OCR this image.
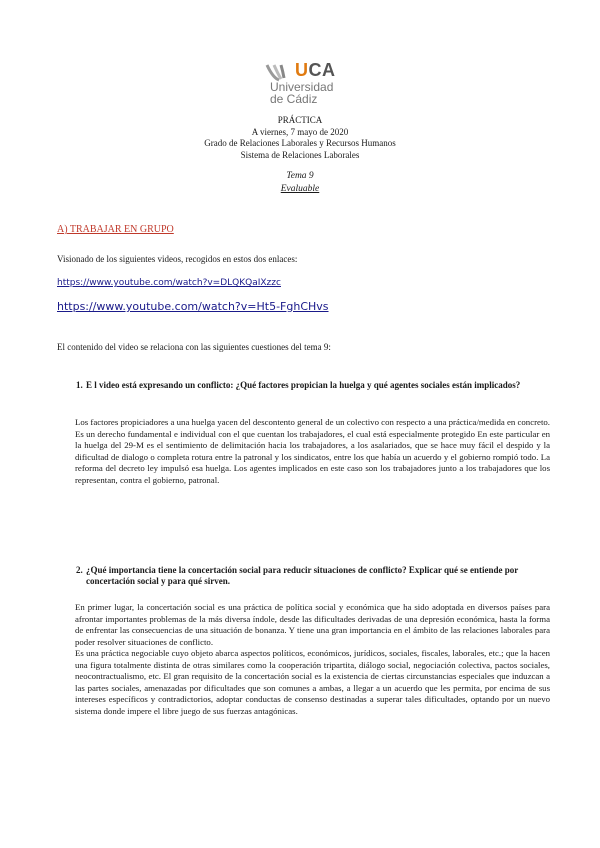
UCA
Universidad
de Cádiz
PRÁCTICA
A viernes, 7 mayo de 2020
Grado de Relaciones Laborales y Recursos Humanos
Sistema de Relaciones Laborales
Tema 9
Evaluable
A) TRABAJAR EN GRUPO
Visionado de los siguientes videos, recogidos en estos dos enlaces:
https://www.youtube.com/watch?v=DLQKQaIXzzc
https://www.youtube.com/watch?v=Ht5-FghCHvs
El contenido del video se relaciona con las siguientes cuestiones del tema 9:
1. E l video está expresando un conflicto: ¿Qué factores propician la huelga y qué agentes sociales están implicados?

Los factores propiciadores a una huelga yacen del descontento general de un colectivo con respecto a una práctica/medida en concreto. Es un derecho fundamental e individual con el que cuentan los trabajadores, el cual está especialmente protegido En este particular en la huelga del 29-M es el sentimiento de delimitación hacia los trabajadores, a los asalariados, que se hace muy fácil el despido y la dificultad de dialogo o completa rotura entre la patronal y los sindicatos, entre los que había un acuerdo y el gobierno rompió todo. La reforma del decreto ley impulsó esa huelga. Los agentes implicados en este caso son los trabajadores junto a los trabajadores que los representan, contra el gobierno, patronal.

2. ¿Qué importancia tiene la concertación social para reducir situaciones de conflicto? Explicar qué se entiende por concertación social y para qué sirven.

En primer lugar, la concertación social es una práctica de política social y económica que ha sido adoptada en diversos países para afrontar importantes problemas de la más diversa índole, desde las dificultades derivadas de una depresión económica, hasta la forma de enfrentar las consecuencias de una situación de bonanza. Y tiene una gran importancia en el ámbito de las relaciones laborales para poder resolver situaciones de conflicto.

Es una práctica negociable cuyo objeto abarca aspectos políticos, económicos, jurídicos, sociales, fiscales, laborales, etc.; que la hacen una figura totalmente distinta de otras similares como la cooperación tripartita, diálogo social, negociación colectiva, pactos sociales, neocontractualismo, etc. El gran requisito de la concertación social es la existencia de ciertas circunstancias especiales que induzcan a las partes sociales, amenazadas por dificultades que son comunes a ambas, a llegar a un acuerdo que les permita, por encima de sus intereses específicos y contradictorios, adoptar conductas de consenso destinadas a superar tales dificultades, optando por un nuevo sistema donde impere el libre juego de sus fuerzas antagónicas.
